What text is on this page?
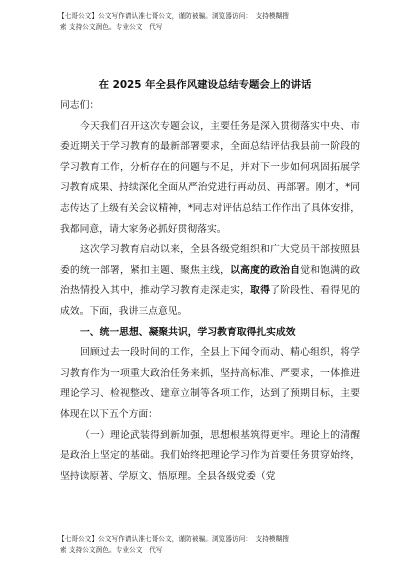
【七哥公文】公文写作请认准七哥公文，谨防被骗。浏览器访问：　支持模糊搜
索 支持公文润色。专业公文　代写
在 2025 年全县作风建设总结专题会上的讲话

同志们：

今天我们召开这次专题会议，主要任务是深入贯彻落实中央、市委近期关于学习教育的最新部署要求，全面总结评估我县前一阶段的学习教育工作，分析存在的问题与不足，并对下一步如何巩固拓展学习教育成果、持续深化全面从严治党进行再动员、再部署。刚才，*同志传达了上级有关会议精神，*同志对评估总结工作作出了具体安排，我都同意，请大家务必抓好贯彻落实。

这次学习教育启动以来，全县各级党组织和广大党员干部按照县委的统一部署，紧扣主题、聚焦主线，以高度的政治自觉和饱满的政治热情投入其中，推动学习教育走深走实，取得了阶段性、看得见的成效。下面，我讲三点意见。

一、统一思想、凝聚共识，学习教育取得扎实成效

回顾过去一段时间的工作，全县上下闻令而动、精心组织，将学习教育作为一项重大政治任务来抓，坚持高标准、严要求，一体推进理论学习、检视整改、建章立制等各项工作，达到了预期目标，主要体现在以下五个方面：

（一）理论武装得到新加强，思想根基筑得更牢。理论上的清醒是政治上坚定的基础。我们始终把理论学习作为首要任务贯穿始终，坚持读原著、学原文、悟原理。全县各级党委（党

【七哥公文】公文写作请认准七哥公文，谨防被骗。浏览器访问：　支持模糊搜
索 支持公文润色。专业公文　代写
